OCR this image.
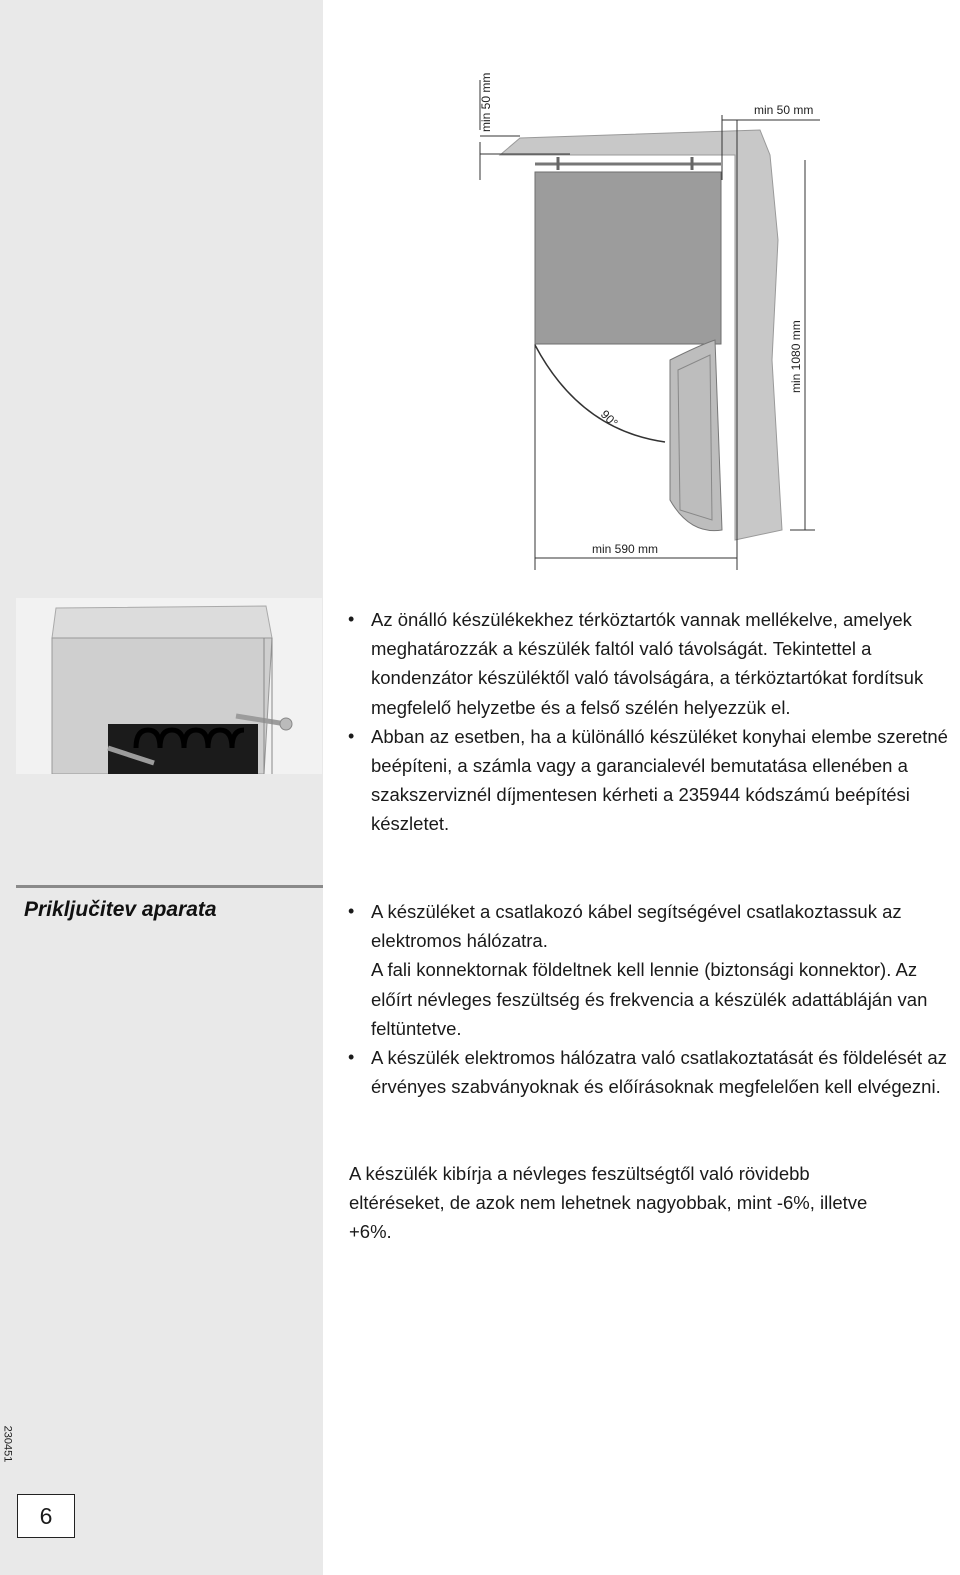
min 50 mm	min 50 mm
min 1080 mm
min 590 mm
90°

• Az önálló készülékekhez térköztartók vannak mellékelve, amelyek meghatározzák a készülék faltól való távolságát. Tekintettel a kondenzátor készüléktől való távolságára, a térköztartókat fordítsuk megfelelő helyzetbe és a felső szélén helyezzük el.

• Abban az esetben, ha a különálló készüléket konyhai elembe szeretné beépíteni, a számla vagy a garancialevél bemutatása ellenében a szakszerviznél díjmentesen kérheti a 235944 kódszámú beépítési készletet.

Priključitev aparata

•	A készüléket a csatlakozó kábel segítségével csatlakoztassuk az elektromos hálózatra.

A fali konnektornak földeltnek kell lennie (biztonsági konnektor). Az előírt névleges feszültség és frekvencia a készülék adattábláján van feltüntetve.

• A készülék elektromos hálózatra való csatlakoztatását és földelését az érvényes szabványoknak és előírásoknak megfelelően kell elvégezni.

A készülék kibírja a névleges feszültségtől való rövidebb eltéréseket, de azok nem lehetnek nagyobbak, mint -6%, illetve +6%.

230451
6
